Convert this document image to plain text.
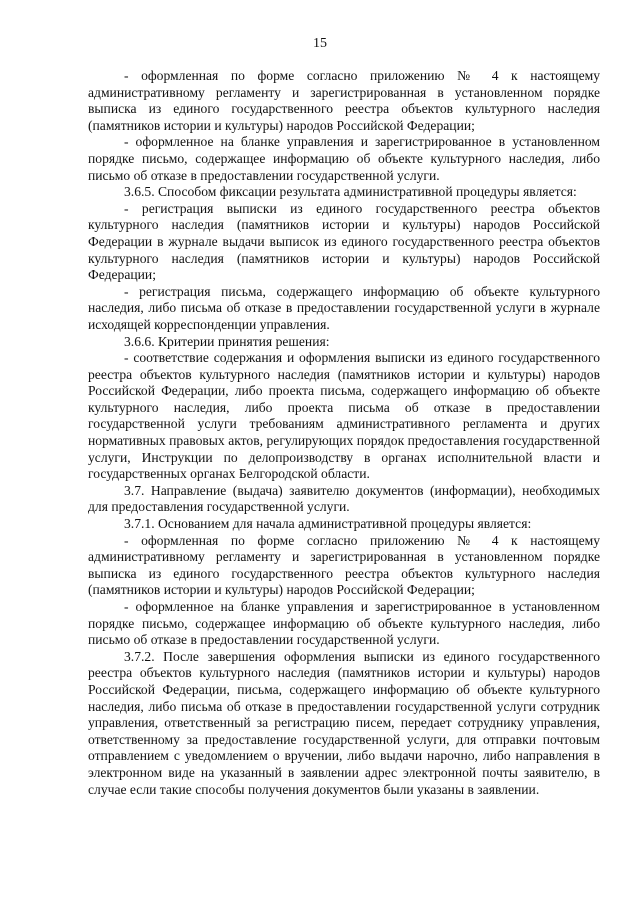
15

- оформленная по форме согласно приложению № 4 к настоящему административному регламенту и зарегистрированная в установленном порядке выписка из единого государственного реестра объектов культурного наследия (памятников истории и культуры) народов Российской Федерации;

- оформленное на бланке управления и зарегистрированное в установленном порядке письмо, содержащее информацию об объекте культурного наследия, либо письмо об отказе в предоставлении государственной услуги.

3.6.5. Способом фиксации результата административной процедуры является:

- регистрация выписки из единого государственного реестра объектов культурного наследия (памятников истории и культуры) народов Российской Федерации в журнале выдачи выписок из единого государственного реестра объектов культурного наследия (памятников истории и культуры) народов Российской Федерации;

- регистрация письма, содержащего информацию об объекте культурного наследия, либо письма об отказе в предоставлении государственной услуги в журнале исходящей корреспонденции управления.

3.6.6. Критерии принятия решения:

- соответствие содержания и оформления выписки из единого государственного реестра объектов культурного наследия (памятников истории и культуры) народов Российской Федерации, либо проекта письма, содержащего информацию об объекте культурного наследия, либо проекта письма об отказе в предоставлении государственной услуги требованиям административного регламента и других нормативных правовых актов, регулирующих порядок предоставления государственной услуги, Инструкции по делопроизводству в органах исполнительной власти и государственных органах Белгородской области.

3.7. Направление (выдача) заявителю документов (информации), необходимых для предоставления государственной услуги.

3.7.1. Основанием для начала административной процедуры является:

- оформленная по форме согласно приложению № 4 к настоящему административному регламенту и зарегистрированная в установленном порядке выписка из единого государственного реестра объектов культурного наследия (памятников истории и культуры) народов Российской Федерации;

- оформленное на бланке управления и зарегистрированное в установленном порядке письмо, содержащее информацию об объекте культурного наследия, либо письмо об отказе в предоставлении государственной услуги.

3.7.2. После завершения оформления выписки из единого государственного реестра объектов культурного наследия (памятников истории и культуры) народов Российской Федерации, письма, содержащего информацию об объекте культурного наследия, либо письма об отказе в предоставлении государственной услуги сотрудник управления, ответственный за регистрацию писем, передает сотруднику управления, ответственному за предоставление государственной услуги, для отправки почтовым отправлением с уведомлением о вручении, либо выдачи нарочно, либо направления в электронном виде на указанный в заявлении адрес электронной почты заявителю, в случае если такие способы получения документов были указаны в заявлении.
